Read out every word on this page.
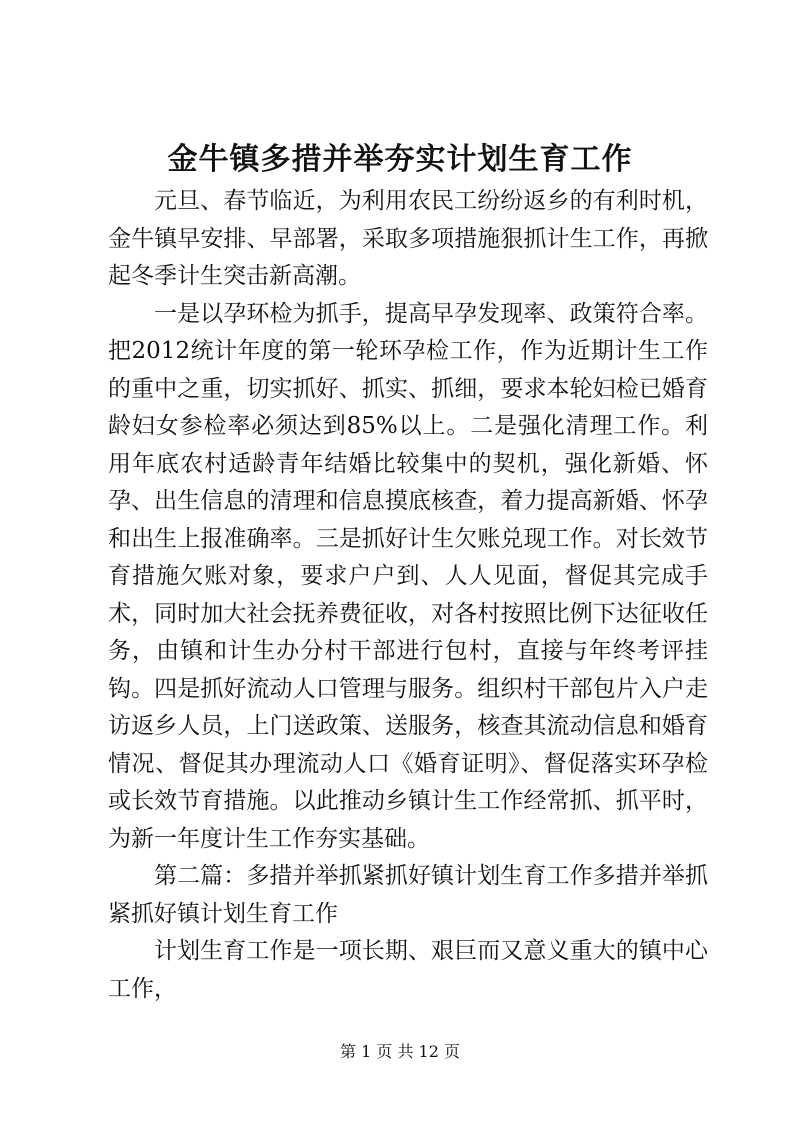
金牛镇多措并举夯实计划生育工作

元旦、春节临近，为利用农民工纷纷返乡的有利时机，金牛镇早安排、早部署，采取多项措施狠抓计生工作，再掀起冬季计生突击新高潮。

一是以孕环检为抓手，提高早孕发现率、政策符合率。把2012统计年度的第一轮环孕检工作，作为近期计生工作的重中之重，切实抓好、抓实、抓细，要求本轮妇检已婚育龄妇女参检率必须达到85%以上。二是强化清理工作。利用年底农村适龄青年结婚比较集中的契机，强化新婚、怀孕、出生信息的清理和信息摸底核查，着力提高新婚、怀孕和出生上报准确率。三是抓好计生欠账兑现工作。对长效节育措施欠账对象，要求户户到、人人见面，督促其完成手术，同时加大社会抚养费征收，对各村按照比例下达征收任务，由镇和计生办分村干部进行包村，直接与年终考评挂钩。四是抓好流动人口管理与服务。组织村干部包片入户走访返乡人员，上门送政策、送服务，核查其流动信息和婚育情况、督促其办理流动人口《婚育证明》、督促落实环孕检或长效节育措施。以此推动乡镇计生工作经常抓、抓平时，为新一年度计生工作夯实基础。

第二篇：多措并举抓紧抓好镇计划生育工作多措并举抓紧抓好镇计划生育工作

计划生育工作是一项长期、艰巨而又意义重大的镇中心工作，

第 1 页 共 12 页
